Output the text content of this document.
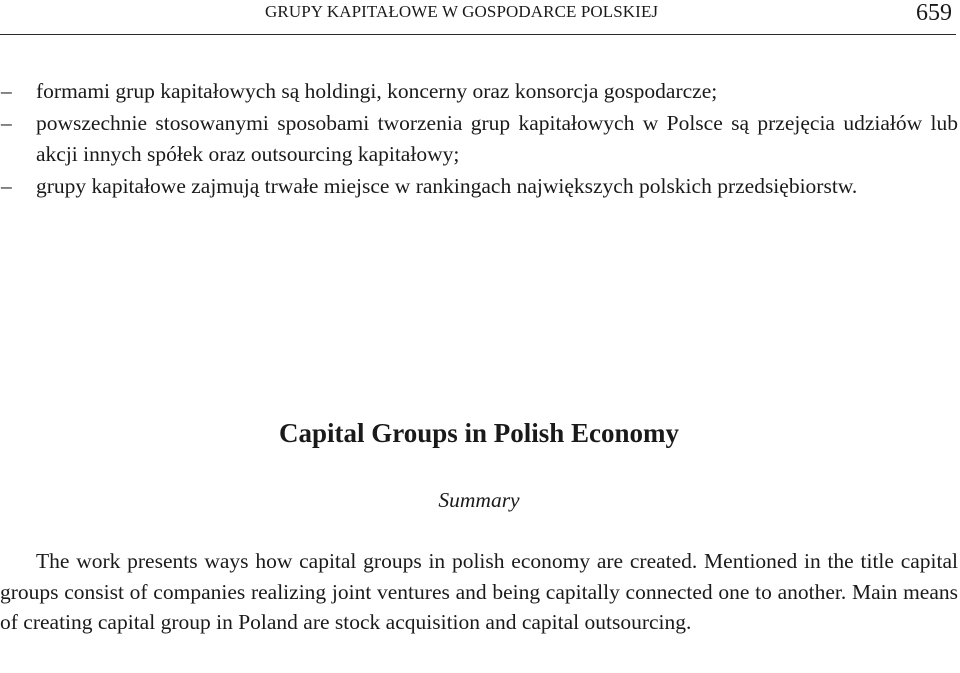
GRUPY KAPITAŁOWE W GOSPODARCE POLSKIEJ	659
– formami grup kapitałowych są holdingi, koncerny oraz konsorcja gospodarcze;
– powszechnie stosowanymi sposobami tworzenia grup kapitałowych w Polsce są przejęcia udziałów lub akcji innych spółek oraz outsourcing kapitałowy;
– grupy kapitałowe zajmują trwałe miejsce w rankingach największych polskich przedsiębiorstw.
Capital Groups in Polish Economy
Summary

The work presents ways how capital groups in polish economy are created. Mentioned in the title capital groups consist of companies realizing joint ventures and being capitally connected one to another. Main means of creating capital group in Poland are stock acquisition and capital outsourcing.
